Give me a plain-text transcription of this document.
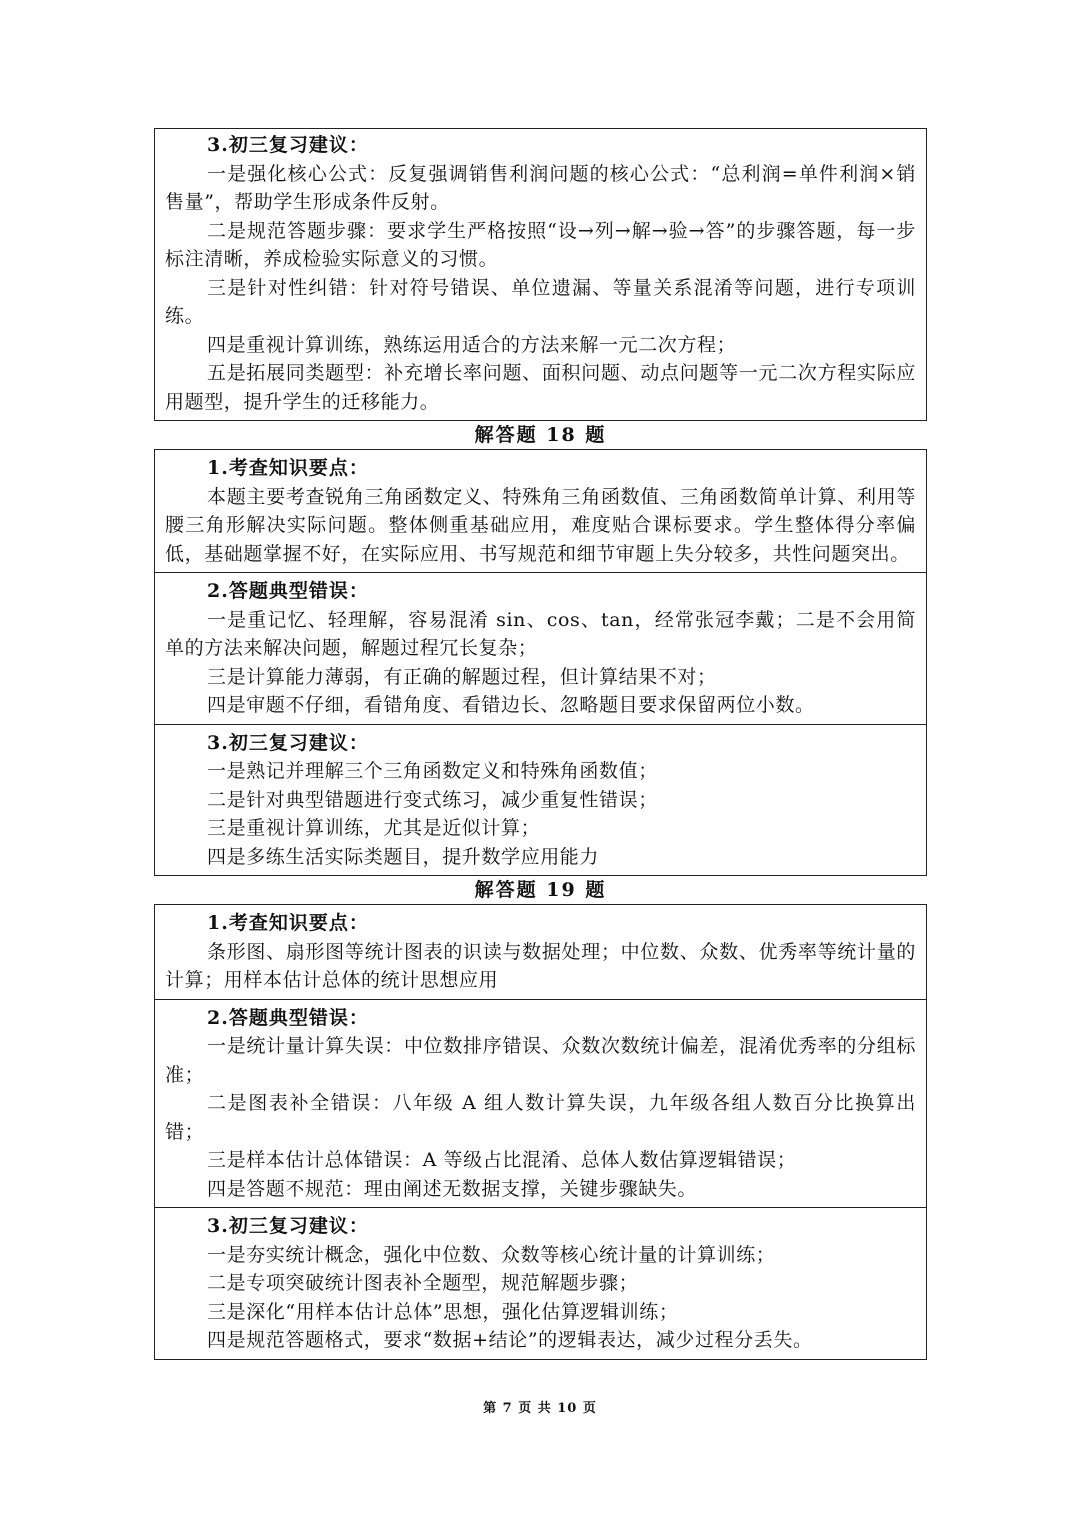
3.初三复习建议：

一是强化核心公式：反复强调销售利润问题的核心公式：“总利润=单件利润×销售量”，帮助学生形成条件反射。

二是规范答题步骤：要求学生严格按照“设→列→解→验→答”的步骤答题，每一步标注清晰，养成检验实际意义的习惯。

三是针对性纠错：针对符号错误、单位遗漏、等量关系混淆等问题，进行专项训练。

四是重视计算训练，熟练运用适合的方法来解一元二次方程；

五是拓展同类题型：补充增长率问题、面积问题、动点问题等一元二次方程实际应用题型，提升学生的迁移能力。

解答题 18 题
1.考查知识要点：

本题主要考查锐角三角函数定义、特殊角三角函数值、三角函数简单计算、利用等腰三角形解决实际问题。整体侧重基础应用，难度贴合课标要求。学生整体得分率偏低，基础题掌握不好，在实际应用、书写规范和细节审题上失分较多，共性问题突出。

2.答题典型错误：

一是重记忆、轻理解，容易混淆 sin、cos、tan，经常张冠李戴；二是不会用简单的方法来解决问题，解题过程冗长复杂；

三是计算能力薄弱，有正确的解题过程，但计算结果不对；

四是审题不仔细，看错角度、看错边长、忽略题目要求保留两位小数。

3.初三复习建议：

一是熟记并理解三个三角函数定义和特殊角函数值；

二是针对典型错题进行变式练习，减少重复性错误；

三是重视计算训练，尤其是近似计算；

四是多练生活实际类题目，提升数学应用能力

解答题 19 题
1.考查知识要点：

条形图、扇形图等统计图表的识读与数据处理；中位数、众数、优秀率等统计量的计算；用样本估计总体的统计思想应用

2.答题典型错误：

一是统计量计算失误：中位数排序错误、众数次数统计偏差，混淆优秀率的分组标准；

二是图表补全错误：八年级 A 组人数计算失误，九年级各组人数百分比换算出错；

三是样本估计总体错误：A 等级占比混淆、总体人数估算逻辑错误；

四是答题不规范：理由阐述无数据支撑，关键步骤缺失。

3.初三复习建议：

一是夯实统计概念，强化中位数、众数等核心统计量的计算训练；

二是专项突破统计图表补全题型，规范解题步骤；

三是深化“用样本估计总体”思想，强化估算逻辑训练；

四是规范答题格式，要求“数据+结论”的逻辑表达，减少过程分丢失。

第 7 页 共 10 页
